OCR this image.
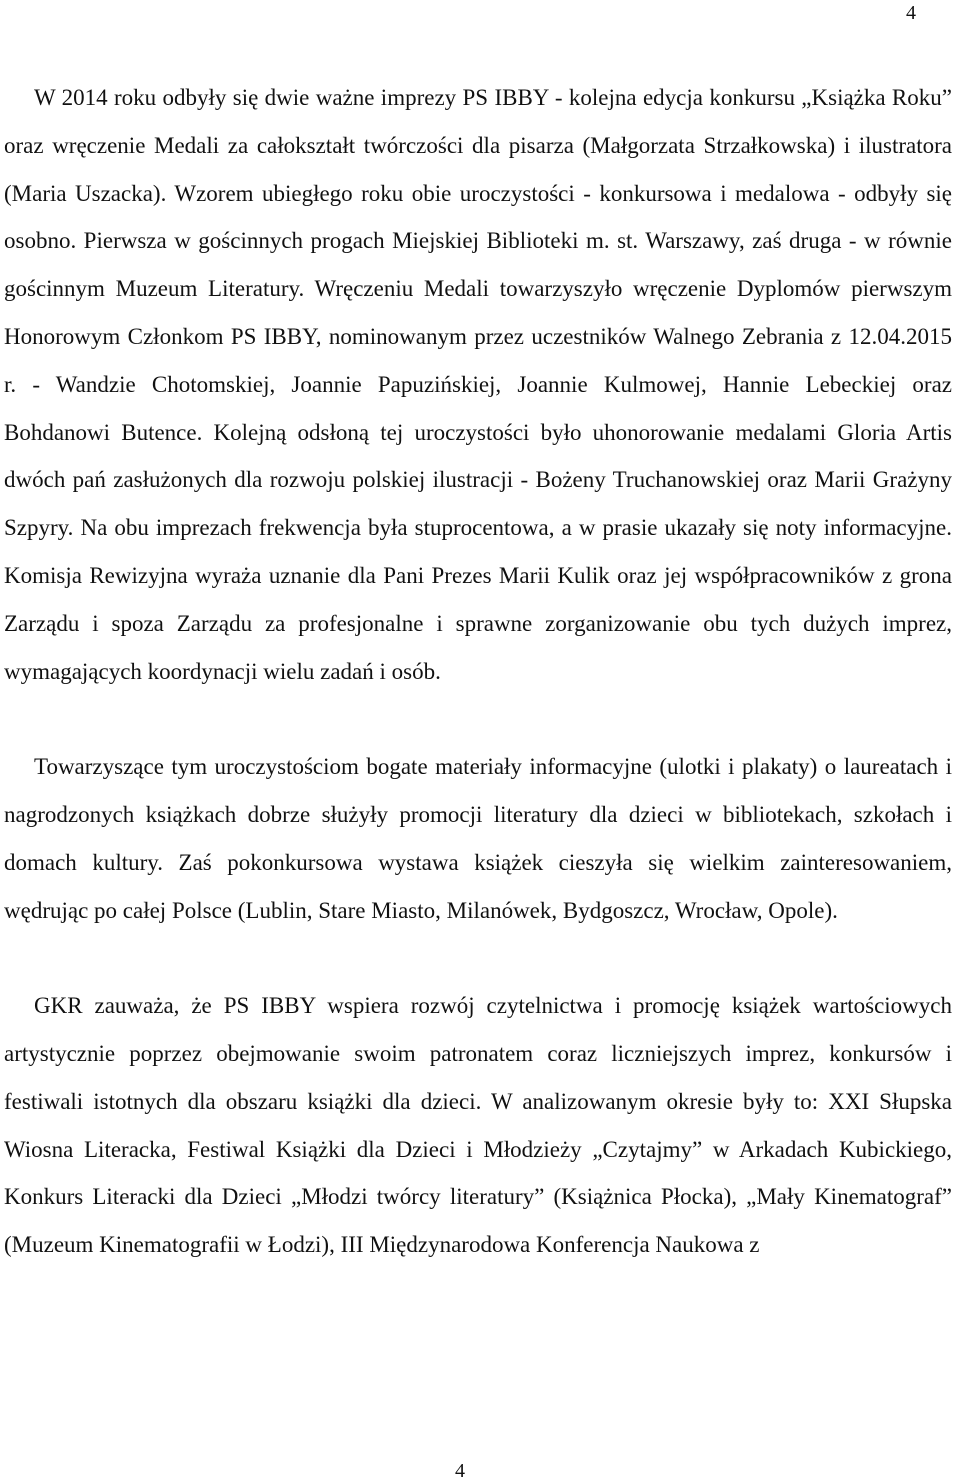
4

W 2014 roku odbyły się dwie ważne imprezy PS IBBY - kolejna edycja konkursu „Książka Roku” oraz wręczenie Medali za całokształt twórczości dla pisarza (Małgorzata Strzałkowska) i ilustratora (Maria Uszacka). Wzorem ubiegłego roku obie uroczystości - konkursowa i medalowa - odbyły się osobno. Pierwsza w gościnnych progach Miejskiej Biblioteki m. st. Warszawy, zaś druga - w równie gościnnym Muzeum Literatury. Wręczeniu Medali towarzyszyło wręczenie Dyplomów pierwszym Honorowym Członkom PS IBBY, nominowanym przez uczestników Walnego Zebrania z 12.04.2015 r. - Wandzie Chotomskiej, Joannie Papuzińskiej, Joannie Kulmowej, Hannie Lebeckiej oraz Bohdanowi Butence. Kolejną odsłoną tej uroczystości było uhonorowanie medalami Gloria Artis dwóch pań zasłużonych dla rozwoju polskiej ilustracji - Bożeny Truchanowskiej oraz Marii Grażyny Szpyry. Na obu imprezach frekwencja była stuprocentowa, a w prasie ukazały się noty informacyjne. Komisja Rewizyjna wyraża uznanie dla Pani Prezes Marii Kulik oraz jej współpracowników z grona Zarządu i spoza Zarządu za profesjonalne i sprawne zorganizowanie obu tych dużych imprez, wymagających koordynacji wielu zadań i osób.

Towarzyszące tym uroczystościom bogate materiały informacyjne (ulotki i plakaty) o laureatach i nagrodzonych książkach dobrze służyły promocji literatury dla dzieci w bibliotekach, szkołach i domach kultury. Zaś pokonkursowa wystawa książek cieszyła się wielkim zainteresowaniem, wędrując po całej Polsce (Lublin, Stare Miasto, Milanówek, Bydgoszcz, Wrocław, Opole).

GKR zauważa, że PS IBBY wspiera rozwój czytelnictwa i promocję książek wartościowych artystycznie poprzez obejmowanie swoim patronatem coraz liczniejszych imprez, konkursów i festiwali istotnych dla obszaru książki dla dzieci. W analizowanym okresie były to: XXI Słupska Wiosna Literacka, Festiwal Książki dla Dzieci i Młodzieży „Czytajmy” w Arkadach Kubickiego, Konkurs Literacki dla Dzieci „Młodzi twórcy literatury” (Książnica Płocka), „Mały Kinematograf” (Muzeum Kinematografii w Łodzi), III Międzynarodowa Konferencja Naukowa z

4
